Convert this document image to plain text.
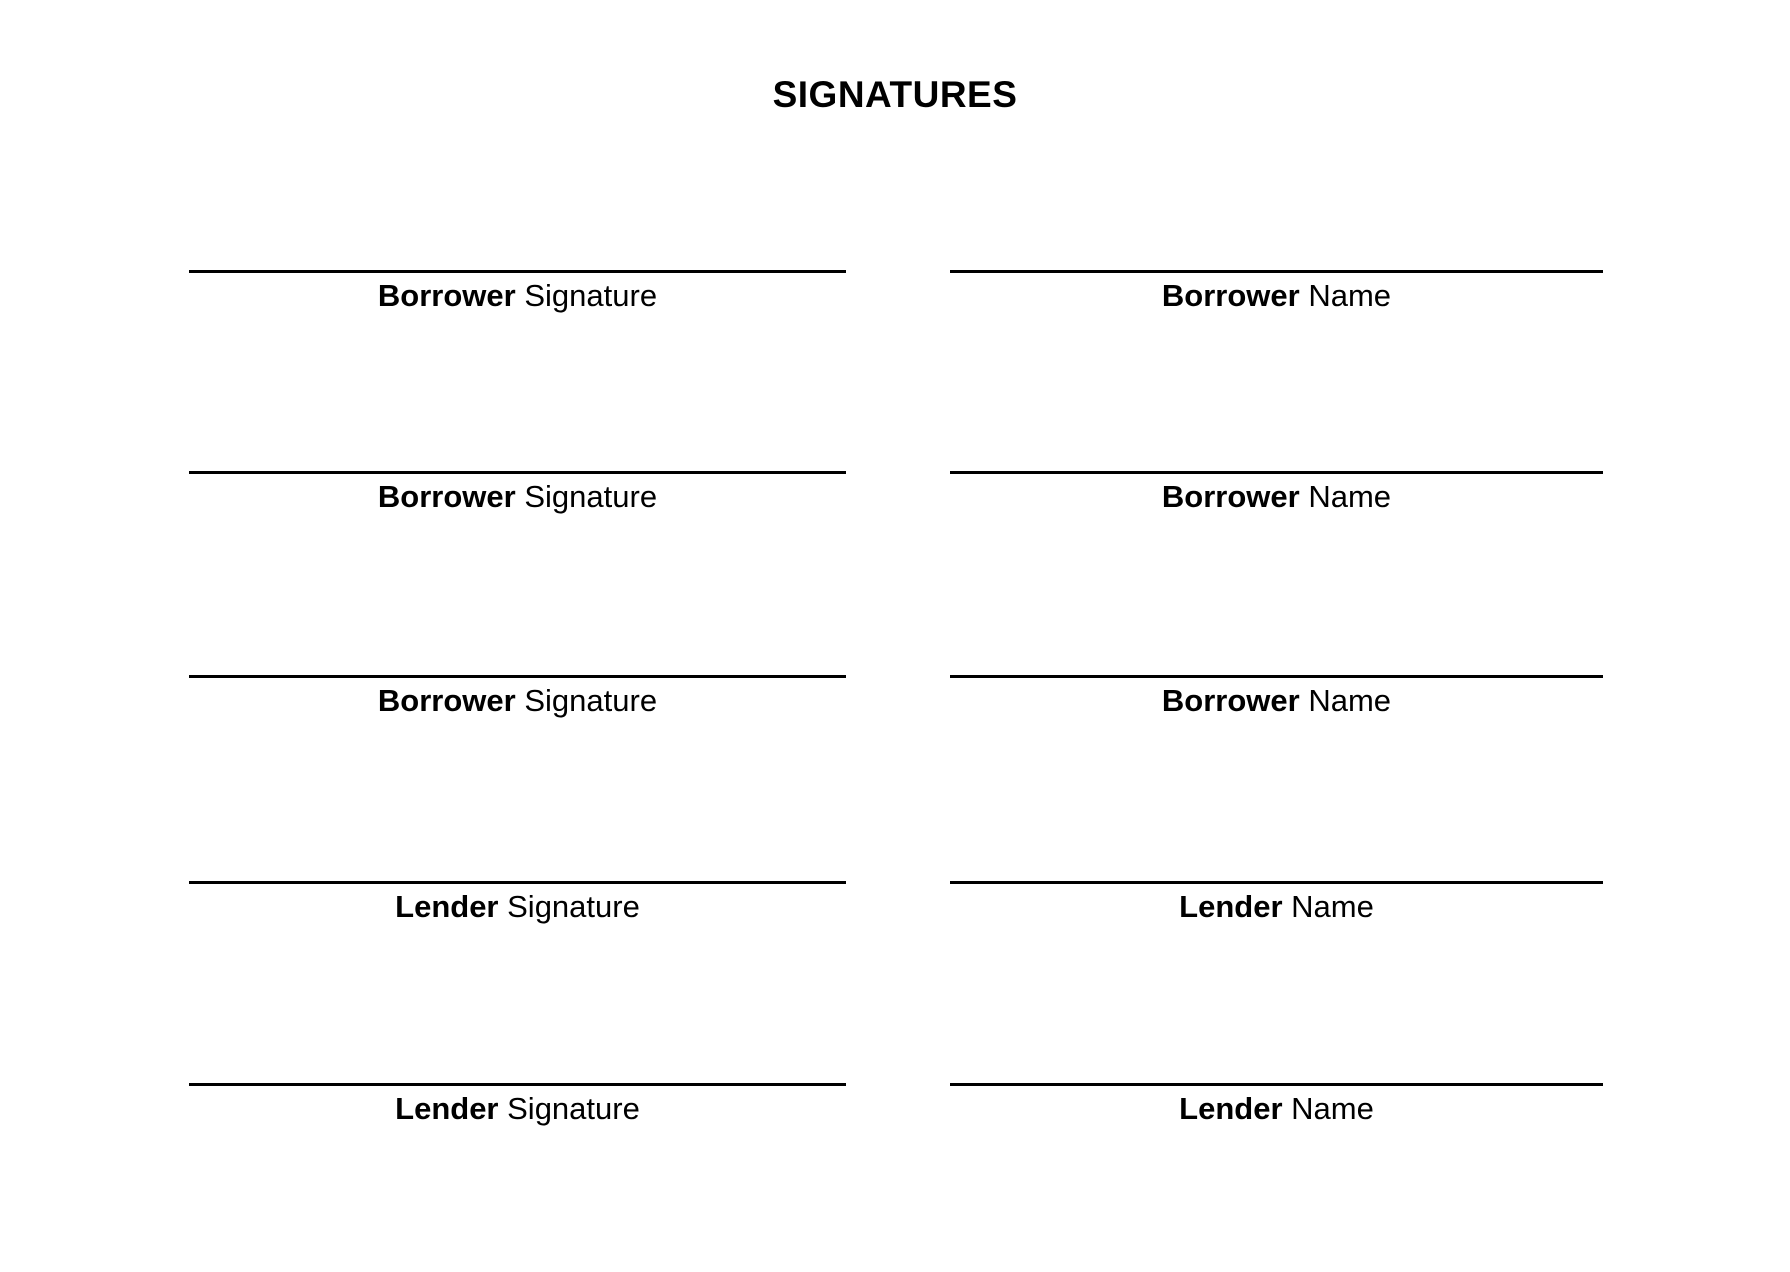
SIGNATURES
Borrower Signature	Borrower Name
Borrower Signature	Borrower Name
Borrower Signature	Borrower Name
Lender Signature	Lender Name
Lender Signature	Lender Name
